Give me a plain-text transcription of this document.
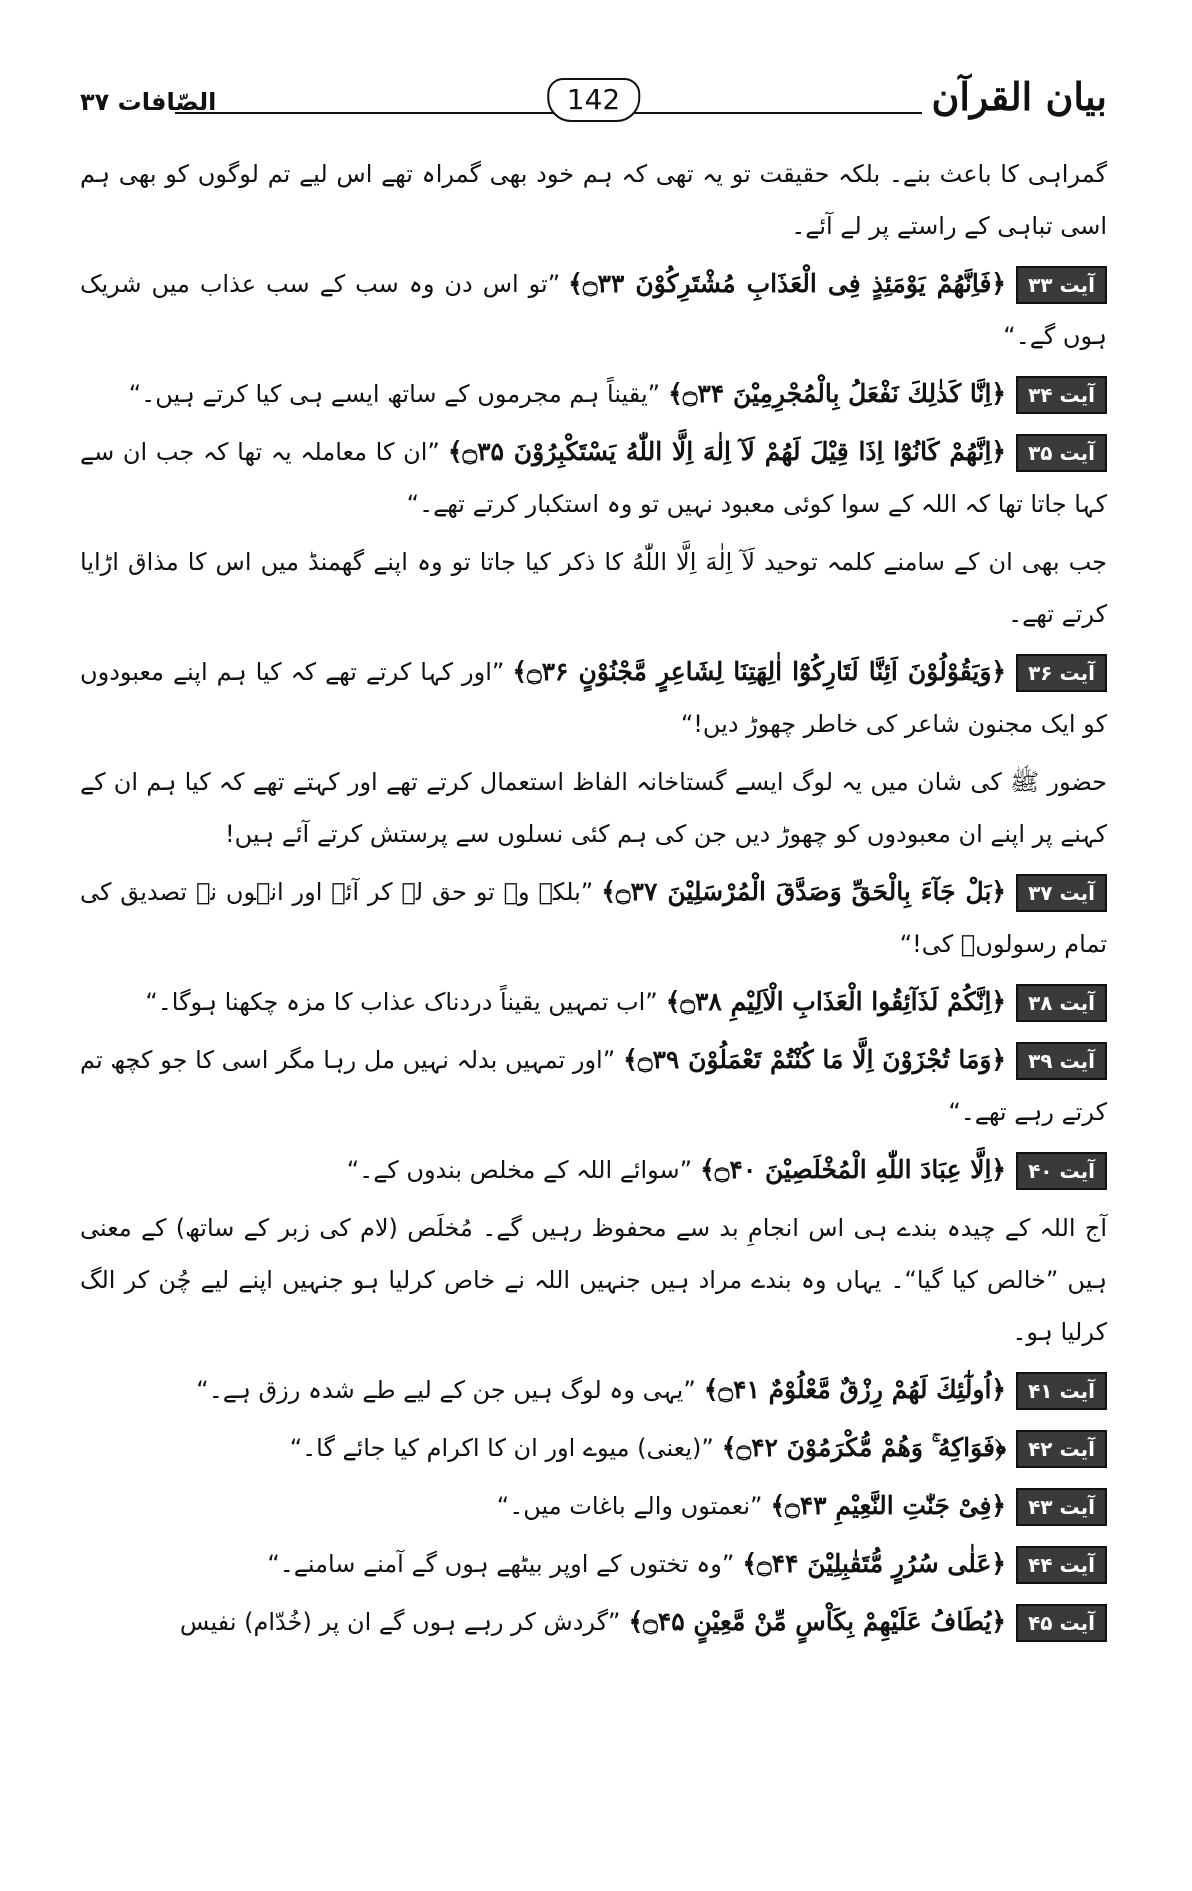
بیان القرآن
142
الصّافات ۳۷

گمراہی کا باعث بنے۔ بلکہ حقیقت تو یہ تھی کہ ہم خود بھی گمراہ تھے اس لیے تم لوگوں کو بھی ہم اسی تباہی کے راستے پر لے آئے۔

آیت ۳۳﴿فَاِنَّهُمْ يَوْمَئِذٍ فِى الْعَذَابِ مُشْتَرِكُوْنَ ۝۳۳﴾”تو اس دن وہ سب کے سب عذاب میں شریک ہوں گے۔“

آیت ۳۴﴿اِنَّا كَذٰلِكَ نَفْعَلُ بِالْمُجْرِمِيْنَ ۝۳۴﴾”یقیناً ہم مجرموں کے ساتھ ایسے ہی کیا کرتے ہیں۔“

آیت ۳۵﴿اِنَّهُمْ كَانُوْٓا اِذَا قِيْلَ لَهُمْ لَآ اِلٰهَ اِلَّا اللّٰهُ يَسْتَكْبِرُوْنَ ۝۳۵﴾”ان کا معاملہ یہ تھا کہ جب ان سے کہا جاتا تھا کہ اللہ کے سوا کوئی معبود نہیں تو وہ استکبار کرتے تھے۔“

جب بھی ان کے سامنے کلمہ توحید لَآ اِلٰهَ اِلَّا اللّٰهُ کا ذکر کیا جاتا تو وہ اپنے گھمنڈ میں اس کا مذاق اڑایا کرتے تھے۔

آیت ۳۶﴿وَيَقُوْلُوْنَ اَئِنَّا لَتَارِكُوْٓا اٰلِهَتِنَا لِشَاعِرٍ مَّجْنُوْنٍ ۝۳۶﴾”اور کہا کرتے تھے کہ کیا ہم اپنے معبودوں کو ایک مجنون شاعر کی خاطر چھوڑ دیں!“

حضور ﷺ کی شان میں یہ لوگ ایسے گستاخانہ الفاظ استعمال کرتے تھے اور کہتے تھے کہ کیا ہم ان کے کہنے پر اپنے ان معبودوں کو چھوڑ دیں جن کی ہم کئی نسلوں سے پرستش کرتے آئے ہیں!

آیت ۳۷﴿بَلْ جَآءَ بِالْحَقِّ وَصَدَّقَ الْمُرْسَلِيْنَ ۝۳۷﴾”بلکہ وہ تو حق لے کر آئے اور انہوں نے تصدیق کی تمام رسولوںؑ کی!“

آیت ۳۸﴿اِنَّكُمْ لَذَآئِقُوا الْعَذَابِ الْاَلِيْمِ ۝۳۸﴾”اب تمہیں یقیناً دردناک عذاب کا مزہ چکھنا ہوگا۔“

آیت ۳۹﴿وَمَا تُجْزَوْنَ اِلَّا مَا كُنْتُمْ تَعْمَلُوْنَ ۝۳۹﴾”اور تمہیں بدلہ نہیں مل رہا مگر اسی کا جو کچھ تم کرتے رہے تھے۔“

آیت ۴۰﴿اِلَّا عِبَادَ اللّٰهِ الْمُخْلَصِيْنَ ۝۴۰﴾”سوائے اللہ کے مخلص بندوں کے۔“

آج اللہ کے چیدہ بندے ہی اس انجامِ بد سے محفوظ رہیں گے۔ مُخلَص (لام کی زبر کے ساتھ) کے معنی ہیں ”خالص کیا گیا“۔ یہاں وہ بندے مراد ہیں جنہیں اللہ نے خاص کرلیا ہو جنہیں اپنے لیے چُن کر الگ کرلیا ہو۔

آیت ۴۱﴿اُولٰٓئِكَ لَهُمْ رِزْقٌ مَّعْلُوْمٌ ۝۴۱﴾”یہی وہ لوگ ہیں جن کے لیے طے شدہ رزق ہے۔“

آیت ۴۲﴿فَوَاكِهُ ۚ وَهُمْ مُّكْرَمُوْنَ ۝۴۲﴾”(یعنی) میوے اور ان کا اکرام کیا جائے گا۔“

آیت ۴۳﴿فِىْ جَنّٰتِ النَّعِيْمِ ۝۴۳﴾”نعمتوں والے باغات میں۔“

آیت ۴۴﴿عَلٰى سُرُرٍ مُّتَقٰبِلِيْنَ ۝۴۴﴾”وہ تختوں کے اوپر بیٹھے ہوں گے آمنے سامنے۔“

آیت ۴۵﴿يُطَافُ عَلَيْهِمْ بِكَاْسٍ مِّنْ مَّعِيْنٍ ۝۴۵﴾”گردش کر رہے ہوں گے ان پر (خُدّام) نفیس
